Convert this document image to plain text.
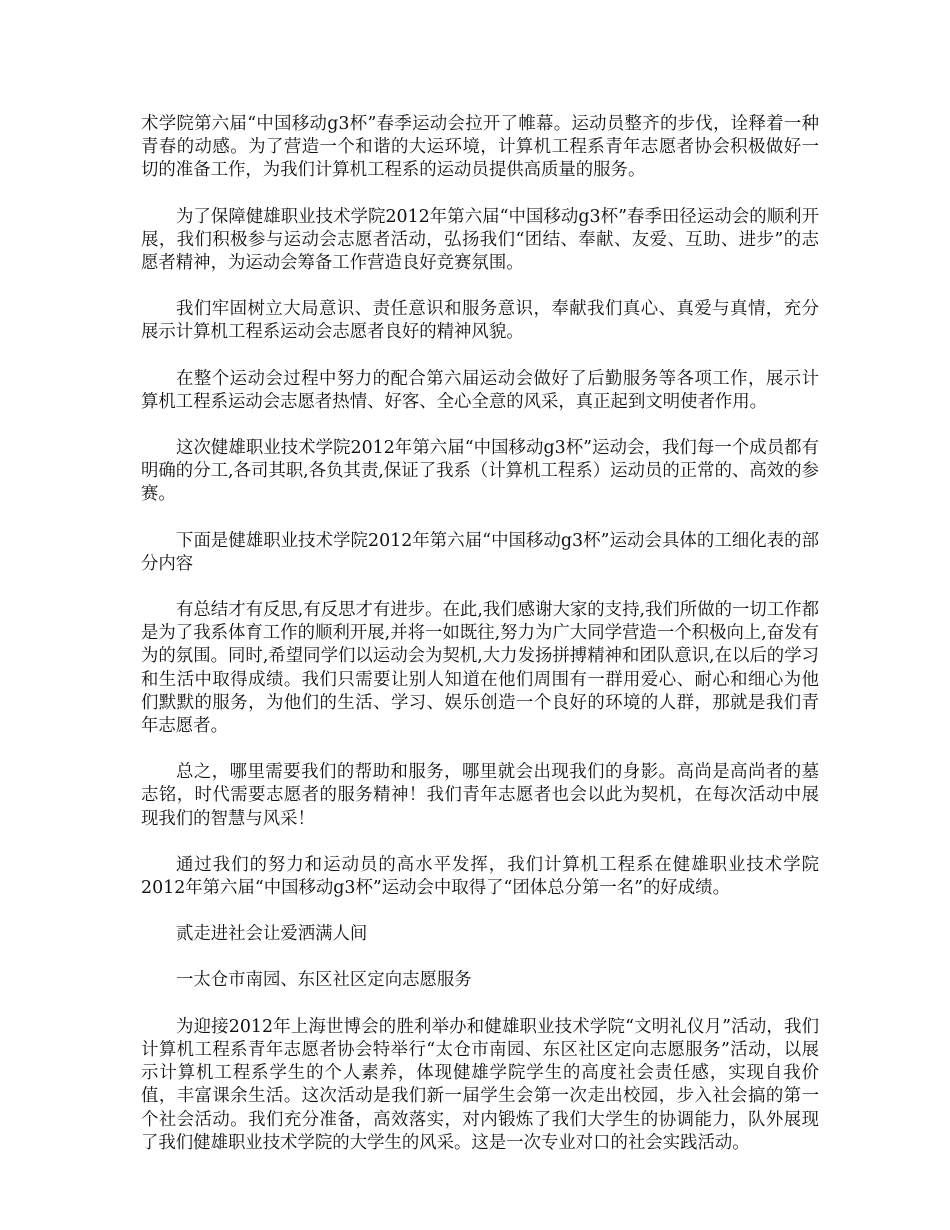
术学院第六届“中国移动g3杯”春季运动会拉开了帷幕。运动员整齐的步伐，诠释着一种青春的动感。为了营造一个和谐的大运环境，计算机工程系青年志愿者协会积极做好一切的准备工作，为我们计算机工程系的运动员提供高质量的服务。

为了保障健雄职业技术学院2012年第六届“中国移动g3杯”春季田径运动会的顺利开展，我们积极参与运动会志愿者活动，弘扬我们“团结、奉献、友爱、互助、进步”的志愿者精神，为运动会筹备工作营造良好竞赛氛围。

我们牢固树立大局意识、责任意识和服务意识，奉献我们真心、真爱与真情，充分展示计算机工程系运动会志愿者良好的精神风貌。

在整个运动会过程中努力的配合第六届运动会做好了后勤服务等各项工作，展示计算机工程系运动会志愿者热情、好客、全心全意的风采，真正起到文明使者作用。

这次健雄职业技术学院2012年第六届“中国移动g3杯”运动会，我们每一个成员都有明确的分工,各司其职,各负其责,保证了我系（计算机工程系）运动员的正常的、高效的参赛。

下面是健雄职业技术学院2012年第六届“中国移动g3杯”运动会具体的工细化表的部分内容

有总结才有反思,有反思才有进步。在此,我们感谢大家的支持,我们所做的一切工作都是为了我系体育工作的顺利开展,并将一如既往,努力为广大同学营造一个积极向上,奋发有为的氛围。同时,希望同学们以运动会为契机,大力发扬拼搏精神和团队意识,在以后的学习和生活中取得成绩。我们只需要让别人知道在他们周围有一群用爱心、耐心和细心为他们默默的服务，为他们的生活、学习、娱乐创造一个良好的环境的人群，那就是我们青年志愿者。

总之，哪里需要我们的帮助和服务，哪里就会出现我们的身影。高尚是高尚者的墓志铭，时代需要志愿者的服务精神！我们青年志愿者也会以此为契机，在每次活动中展现我们的智慧与风采！

通过我们的努力和运动员的高水平发挥，我们计算机工程系在健雄职业技术学院2012年第六届“中国移动g3杯”运动会中取得了“团体总分第一名”的好成绩。

贰走进社会让爱洒满人间

一太仓市南园、东区社区定向志愿服务

为迎接2012年上海世博会的胜利举办和健雄职业技术学院“文明礼仪月”活动，我们计算机工程系青年志愿者协会特举行“太仓市南园、东区社区定向志愿服务”活动，以展示计算机工程系学生的个人素养，体现健雄学院学生的高度社会责任感，实现自我价值，丰富课余生活。这次活动是我们新一届学生会第一次走出校园，步入社会搞的第一个社会活动。我们充分准备，高效落实，对内锻炼了我们大学生的协调能力，队外展现了我们健雄职业技术学院的大学生的风采。这是一次专业对口的社会实践活动。
